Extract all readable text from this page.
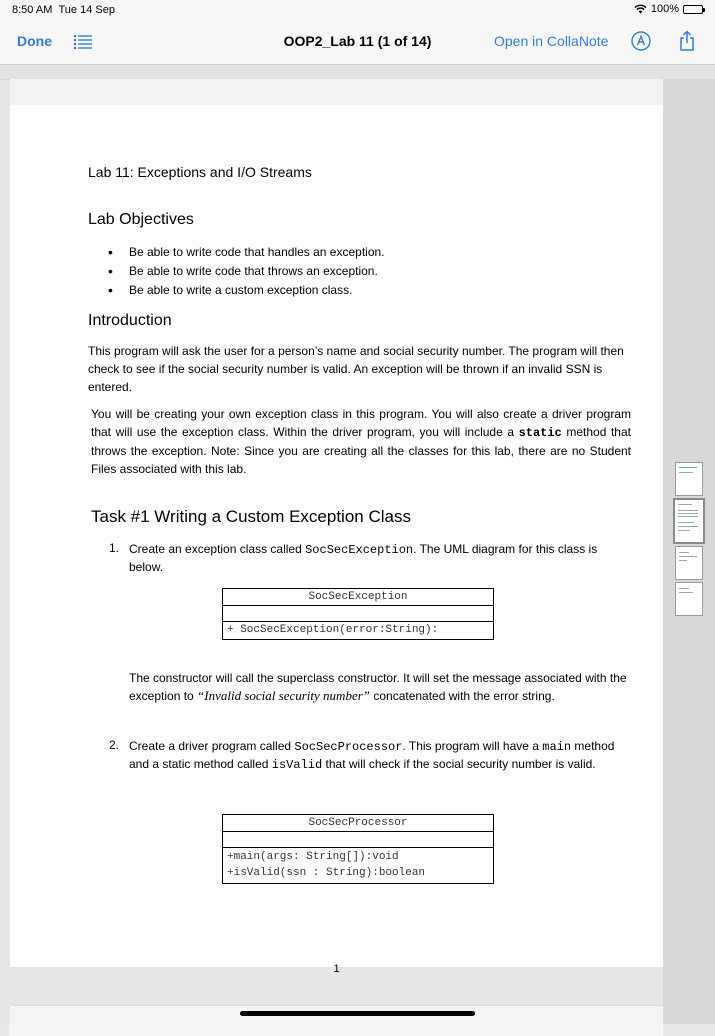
8:50 AM Tue 14 Sep	100%
Done	OOP2_Lab 11 (1 of 14)	Open in CollaNote
Lab 11: Exceptions and I/O Streams
Lab Objectives
• Be able to write code that handles an exception.
• Be able to write code that throws an exception.
• Be able to write a custom exception class.
Introduction
This program will ask the user for a person’s name and social security number. The program will then check to see if the social security number is valid. An exception will be thrown if an invalid SSN is entered.
You will be creating your own exception class in this program. You will also create a driver program that will use the exception class. Within the driver program, you will include a static method that throws the exception. Note: Since you are creating all the classes for this lab, there are no Student Files associated with this lab.
Task #1 Writing a Custom Exception Class
1. Create an exception class called SocSecException. The UML diagram for this class is below.
SocSecException
+ SocSecException(error:String):
The constructor will call the superclass constructor. It will set the message associated with the exception to “Invalid social security number” concatenated with the error string.
2. Create a driver program called SocSecProcessor. This program will have a main method and a static method called isValid that will check if the social security number is valid.
SocSecProcessor
+main(args: String[]):void
+isValid(ssn : String):boolean
1
